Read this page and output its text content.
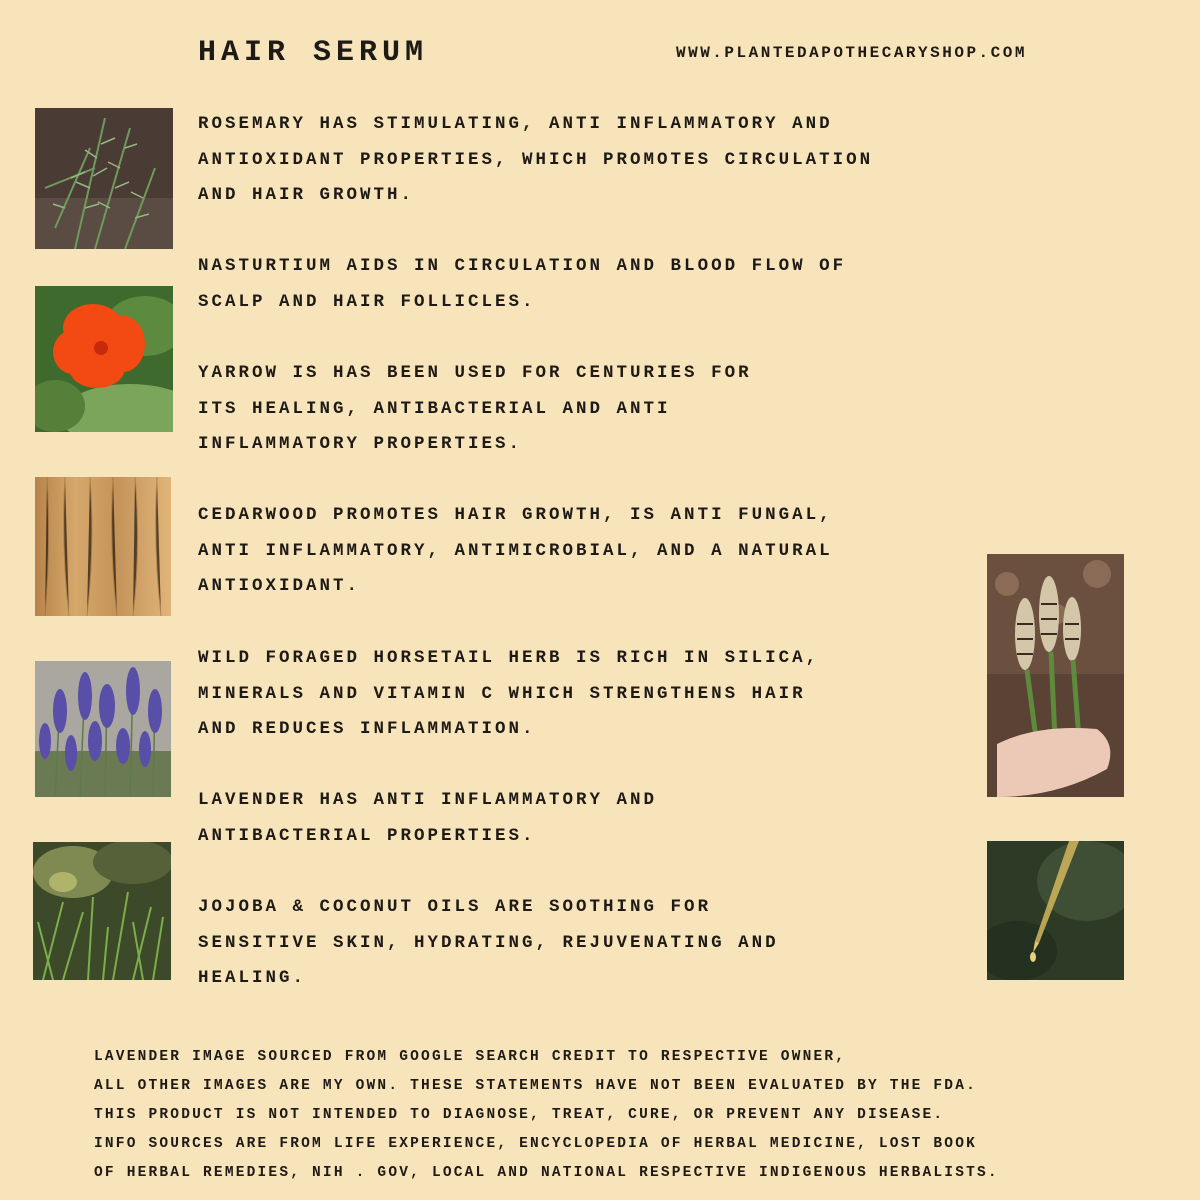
HAIR SERUM	WWW.PLANTEDAPOTHECARYSHOP.COM

ROSEMARY HAS STIMULATING, ANTI INFLAMMATORY AND
ANTIOXIDANT PROPERTIES, WHICH PROMOTES CIRCULATION
AND HAIR GROWTH.

NASTURTIUM AIDS IN CIRCULATION AND BLOOD FLOW OF
SCALP AND HAIR FOLLICLES.

YARROW IS HAS BEEN USED FOR CENTURIES FOR
ITS HEALING, ANTIBACTERIAL AND ANTI
INFLAMMATORY PROPERTIES.

CEDARWOOD PROMOTES HAIR GROWTH, IS ANTI FUNGAL,
ANTI INFLAMMATORY, ANTIMICROBIAL, AND A NATURAL
ANTIOXIDANT.

WILD FORAGED HORSETAIL HERB IS RICH IN SILICA,
MINERALS AND VITAMIN C WHICH STRENGTHENS HAIR
AND REDUCES INFLAMMATION.

LAVENDER HAS ANTI INFLAMMATORY AND
ANTIBACTERIAL PROPERTIES.

JOJOBA & COCONUT OILS ARE SOOTHING FOR
SENSITIVE SKIN, HYDRATING, REJUVENATING AND
HEALING.

LAVENDER IMAGE SOURCED FROM GOOGLE SEARCH CREDIT TO RESPECTIVE OWNER,
ALL OTHER IMAGES ARE MY OWN. THESE STATEMENTS HAVE NOT BEEN EVALUATED BY THE FDA.
THIS PRODUCT IS NOT INTENDED TO DIAGNOSE, TREAT, CURE, OR PREVENT ANY DISEASE.
INFO SOURCES ARE FROM LIFE EXPERIENCE, ENCYCLOPEDIA OF HERBAL MEDICINE, LOST BOOK
OF HERBAL REMEDIES, NIH . GOV, LOCAL AND NATIONAL RESPECTIVE INDIGENOUS HERBALISTS.
